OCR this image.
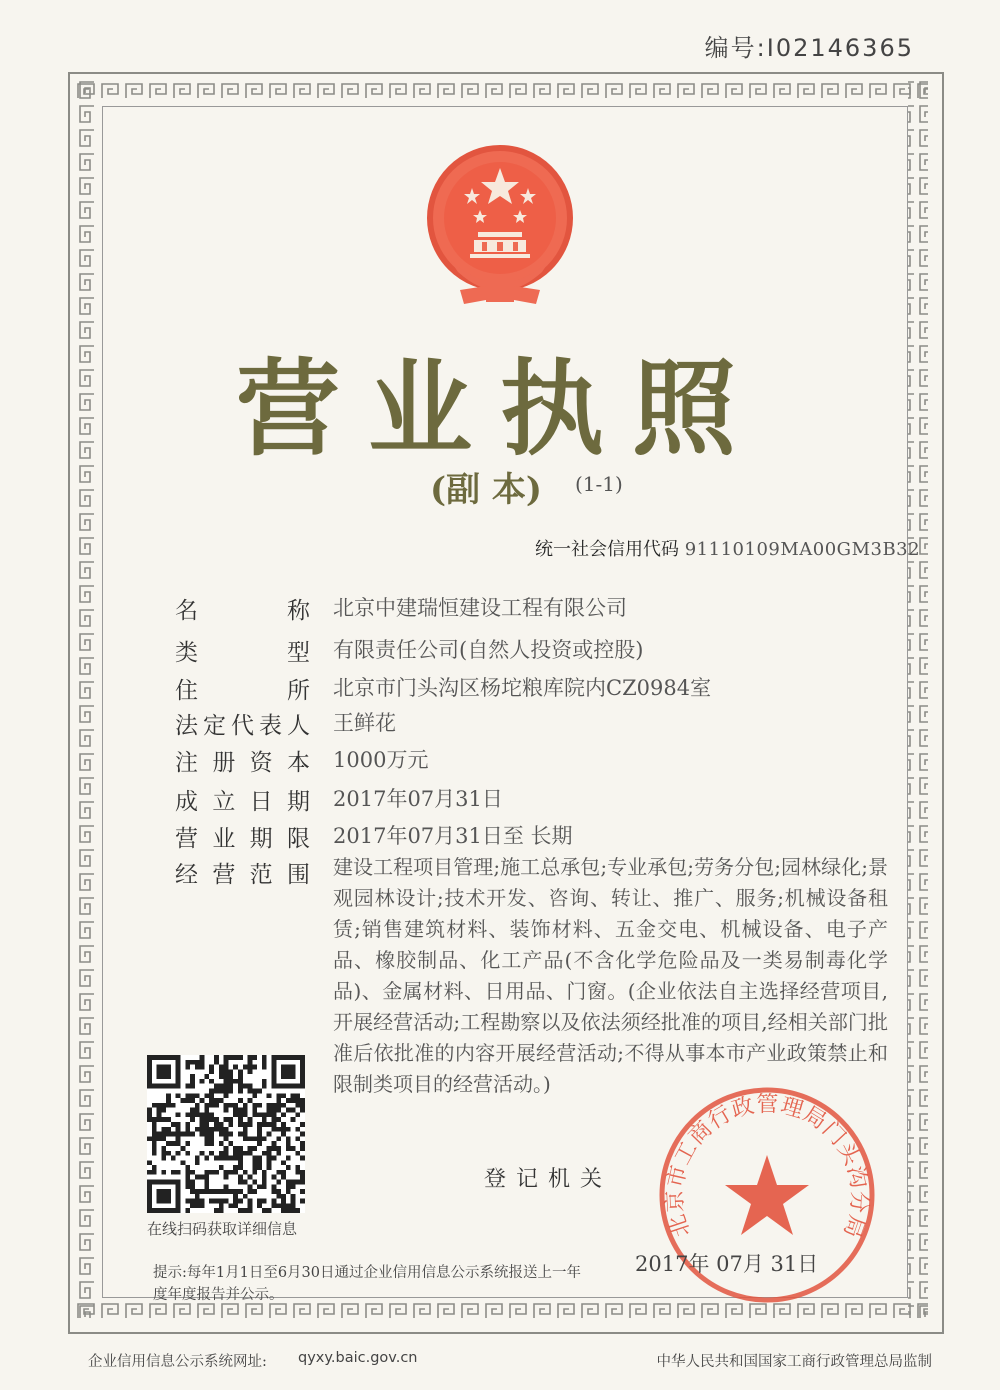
编号:I02146365
营业执照
(副 本) (1-1)
统一社会信用代码 91110109MA00GM3B32
名称 北京中建瑞恒建设工程有限公司
类型 有限责任公司(自然人投资或控股)
住所 北京市门头沟区杨坨粮库院内CZ0984室
法定代表人 王鲜花
注册资本 1000万元
成立日期 2017年07月31日
营业期限 2017年07月31日至 长期
经营范围 建设工程项目管理;施工总承包;专业承包;劳务分包;园林绿化;景观园林设计;技术开发、咨询、转让、推广、服务;机械设备租赁;销售建筑材料、装饰材料、五金交电、机械设备、电子产品、橡胶制品、化工产品(不含化学危险品及一类易制毒化学品)、金属材料、日用品、门窗。(企业依法自主选择经营项目,开展经营活动;工程勘察以及依法须经批准的项目,经相关部门批准后依批准的内容开展经营活动;不得从事本市产业政策禁止和限制类项目的经营活动。)
在线扫码获取详细信息
登记机关
北京市工商行政管理局门头沟分局
2017年 07月 31日
提示:每年1月1日至6月30日通过企业信用信息公示系统报送上一年度年度报告并公示。
企业信用信息公示系统网址: qyxy.baic.gov.cn	中华人民共和国国家工商行政管理总局监制
